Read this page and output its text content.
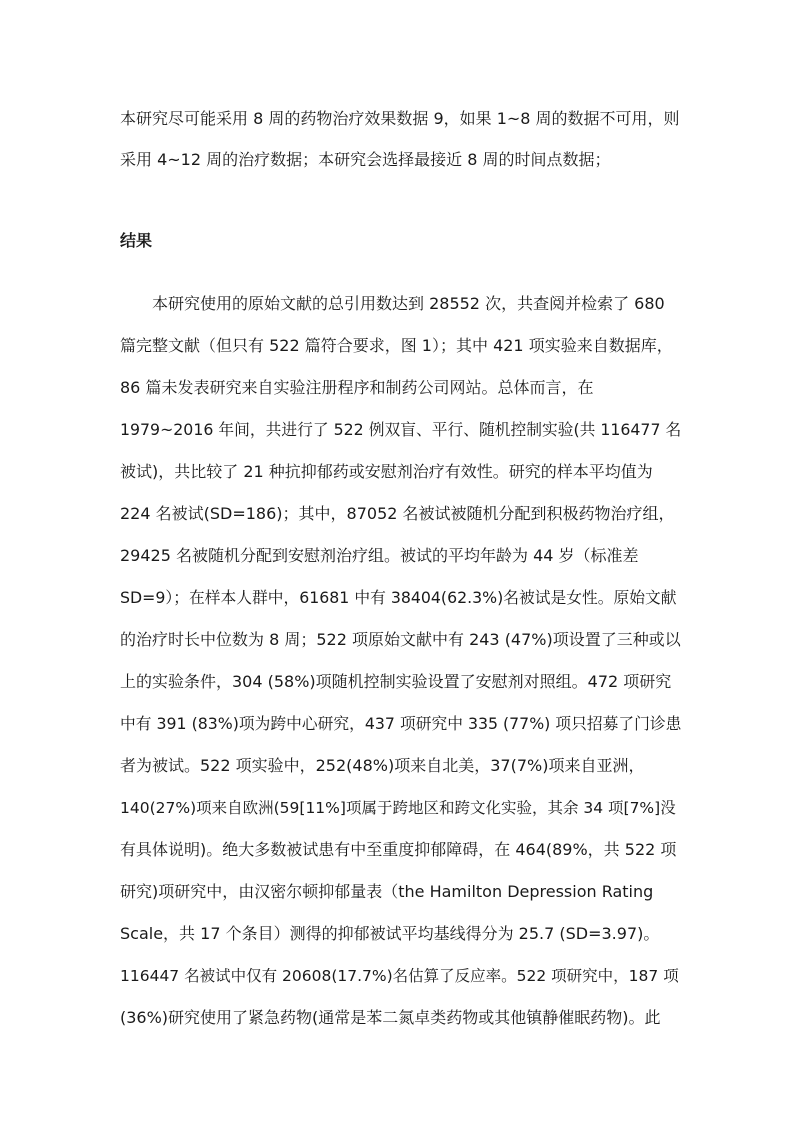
本研究尽可能采用 8 周的药物治疗效果数据 9，如果 1~8 周的数据不可用，则
采用 4~12 周的治疗数据；本研究会选择最接近 8 周的时间点数据；
结果
本研究使用的原始文献的总引用数达到 28552 次，共查阅并检索了 680
篇完整文献（但只有 522 篇符合要求，图 1）；其中 421 项实验来自数据库，
86 篇未发表研究来自实验注册程序和制药公司网站。总体而言，在
1979~2016 年间，共进行了 522 例双盲、平行、随机控制实验(共 116477 名
被试)，共比较了 21 种抗抑郁药或安慰剂治疗有效性。研究的样本平均值为
224 名被试(SD=186)；其中，87052 名被试被随机分配到积极药物治疗组，
29425 名被随机分配到安慰剂治疗组。被试的平均年龄为 44 岁（标准差
SD=9）；在样本人群中，61681 中有 38404(62.3%)名被试是女性。原始文献
的治疗时长中位数为 8 周；522 项原始文献中有 243 (47%)项设置了三种或以
上的实验条件，304 (58%)项随机控制实验设置了安慰剂对照组。472 项研究
中有 391 (83%)项为跨中心研究，437 项研究中 335 (77%) 项只招募了门诊患
者为被试。522 项实验中，252(48%)项来自北美，37(7%)项来自亚洲，
140(27%)项来自欧洲(59[11%]项属于跨地区和跨文化实验，其余 34 项[7%]没
有具体说明)。绝大多数被试患有中至重度抑郁障碍，在 464(89%，共 522 项
研究)项研究中，由汉密尔顿抑郁量表（the Hamilton Depression Rating
Scale，共 17 个条目）测得的抑郁被试平均基线得分为 25.7 (SD=3.97)。
116447 名被试中仅有 20608(17.7%)名估算了反应率。522 项研究中，187 项
(36%)研究使用了紧急药物(通常是苯二氮卓类药物或其他镇静催眠药物)。此
